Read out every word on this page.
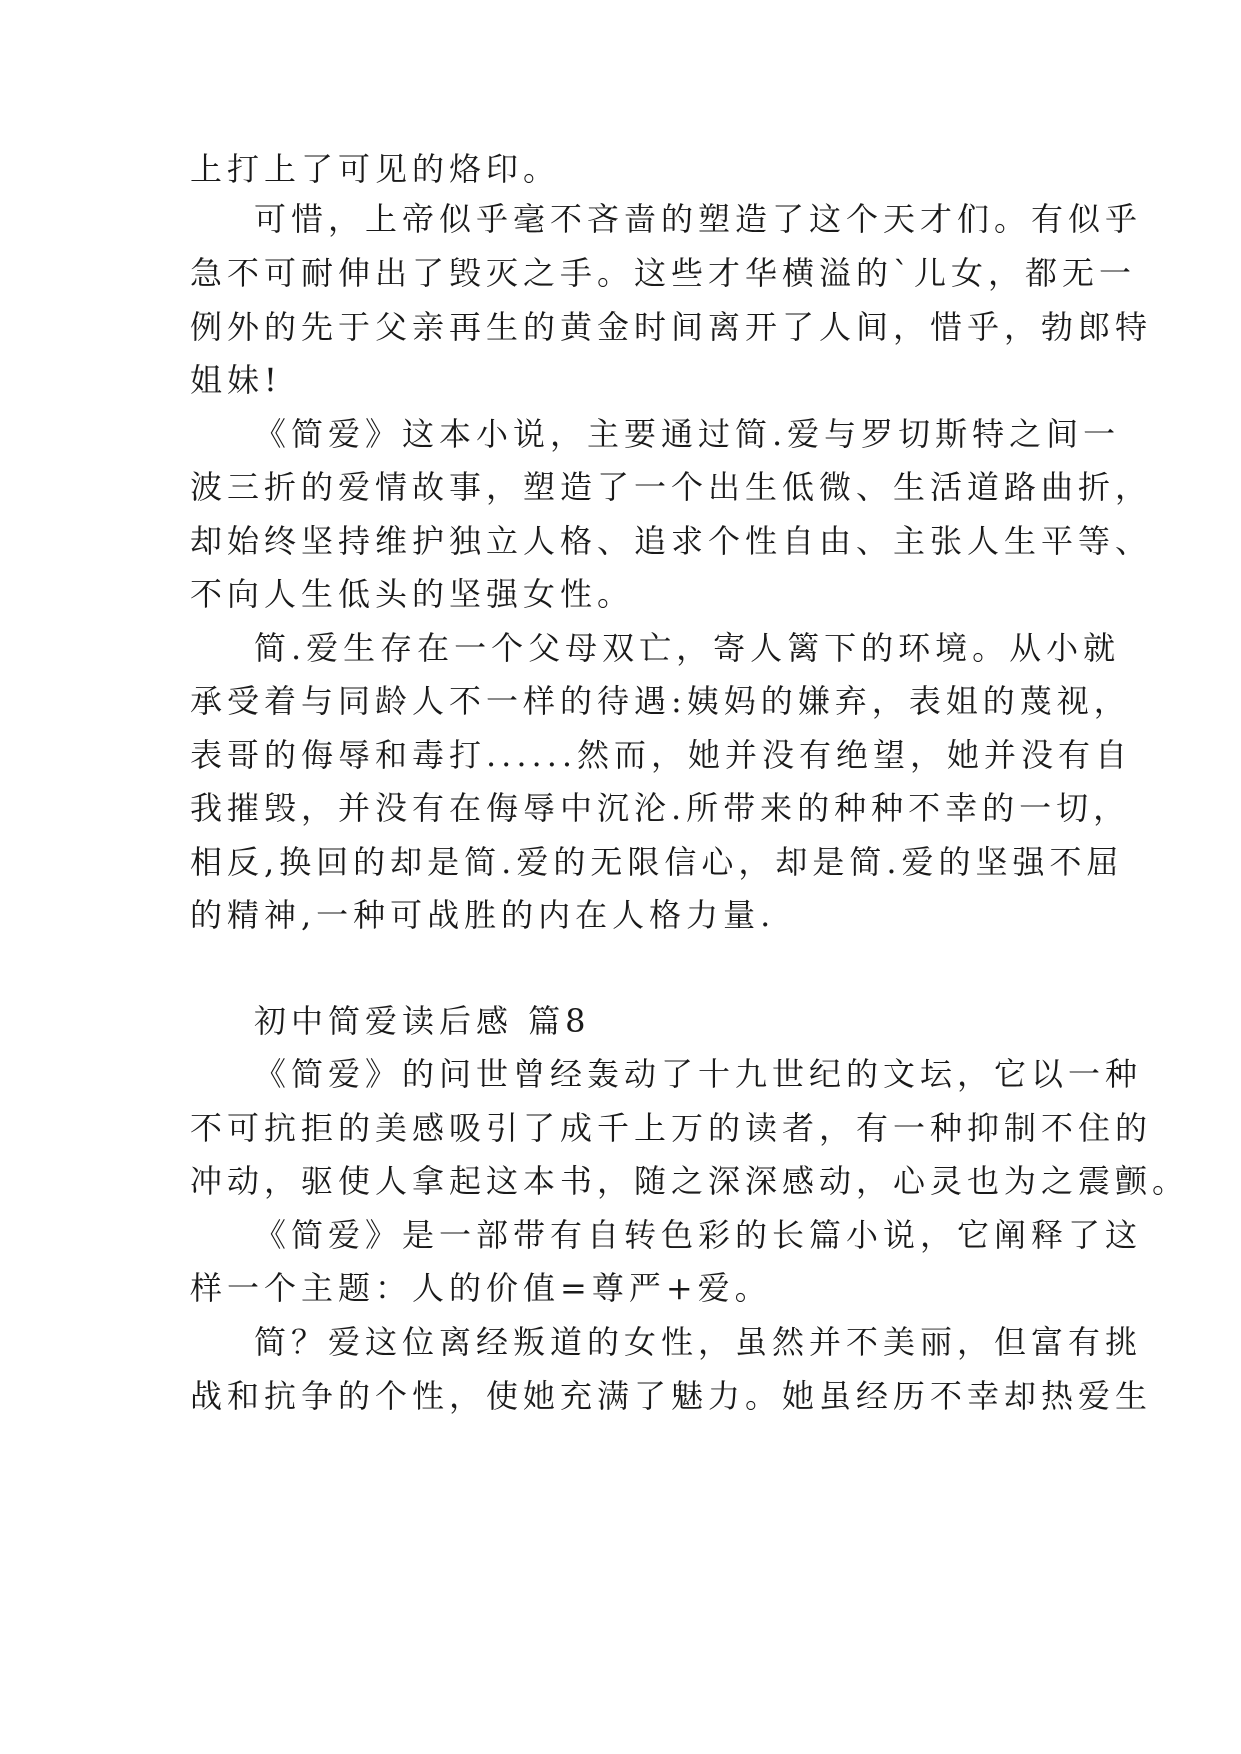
上打上了可见的烙印。

可惜，上帝似乎毫不吝啬的塑造了这个天才们。有似乎

急不可耐伸出了毁灭之手。这些才华横溢的`儿女，都无一

例外的先于父亲再生的黄金时间离开了人间，惜乎，勃郎特

姐妹!

《简爱》这本小说，主要通过简.爱与罗切斯特之间一

波三折的爱情故事，塑造了一个出生低微、生活道路曲折，

却始终坚持维护独立人格、追求个性自由、主张人生平等、

不向人生低头的坚强女性。

简.爱生存在一个父母双亡，寄人篱下的环境。从小就

承受着与同龄人不一样的待遇:姨妈的嫌弃，表姐的蔑视，

表哥的侮辱和毒打......然而，她并没有绝望，她并没有自

我摧毁，并没有在侮辱中沉沦.所带来的种种不幸的一切，

相反,换回的却是简.爱的无限信心，却是简.爱的坚强不屈

的精神,一种可战胜的内在人格力量.

初中简爱读后感 篇8

《简爱》的问世曾经轰动了十九世纪的文坛，它以一种

不可抗拒的美感吸引了成千上万的读者，有一种抑制不住的

冲动，驱使人拿起这本书，随之深深感动，心灵也为之震颤。

《简爱》是一部带有自转色彩的长篇小说，它阐释了这

样一个主题：人的价值=尊严+爱。

简？爱这位离经叛道的女性，虽然并不美丽，但富有挑

战和抗争的个性，使她充满了魅力。她虽经历不幸却热爱生
